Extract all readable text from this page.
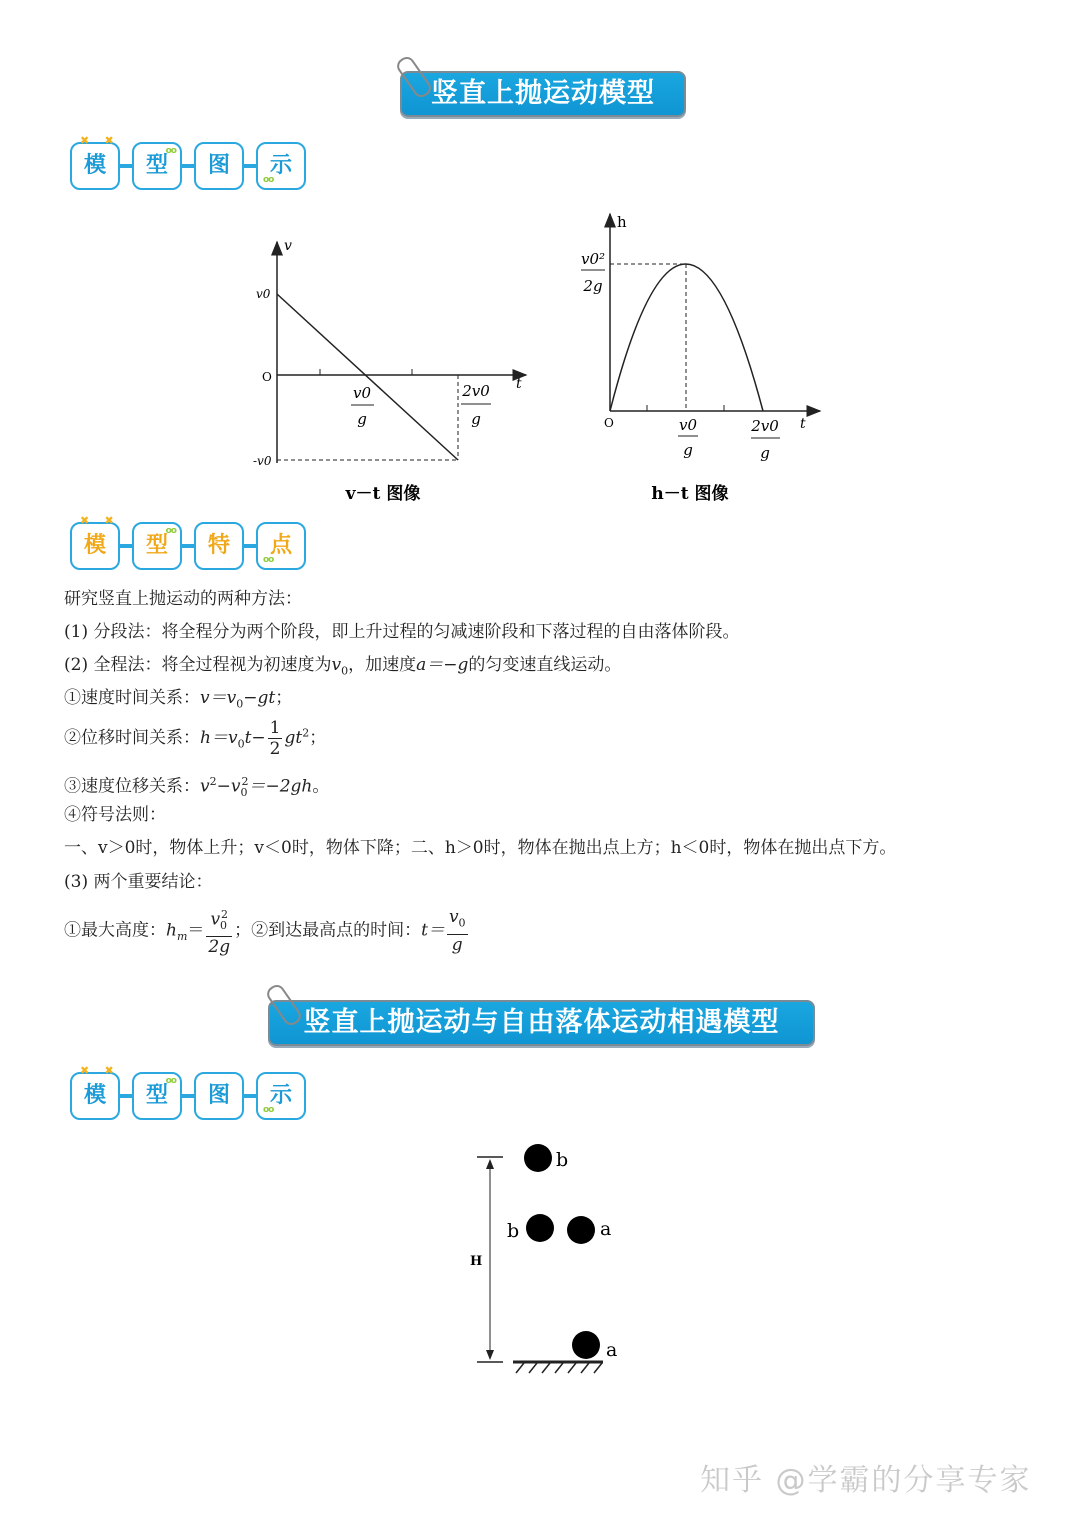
竖直上抛运动模型
✖    ✖
模
oo
型	图
oo
示
v
t
O
v0
-v0
v0
g
2v0
g
v－t 图像
h
t
O
v0²
2g
v0
g
2v0
g
h－t 图像
✖    ✖
模
oo
型	特
oo
点
研究竖直上抛运动的两种方法：
(1) 分段法：将全程分为两个阶段，即上升过程的匀减速阶段和下落过程的自由落体阶段。
(2) 全程法：将全过程视为初速度为$v_0$，加速度a＝−g的匀变速直线运动。
①速度时间关系：$v=v_0-gt$；
②位移时间关系：$h=v_0t- \frac{1}{2} gt^2$；
③速度位移关系：$v^2-v_0^2=-2gh$。
④符号法则：
一、v＞0时，物体上升；v＜0时，物体下降；二、h＞0时，物体在抛出点上方；h＜0时，物体在抛出点下方。
(3) 两个重要结论：
①最大高度：$h_m= \frac{v_0^2}{2g}$ ；②到达最高点的时间：$t= \frac{v_0}{g}$
竖直上抛运动与自由落体运动相遇模型
✖    ✖
模
oo
型	图
oo
示
H
b
b	a
a
知乎 @学霸的分享专家
